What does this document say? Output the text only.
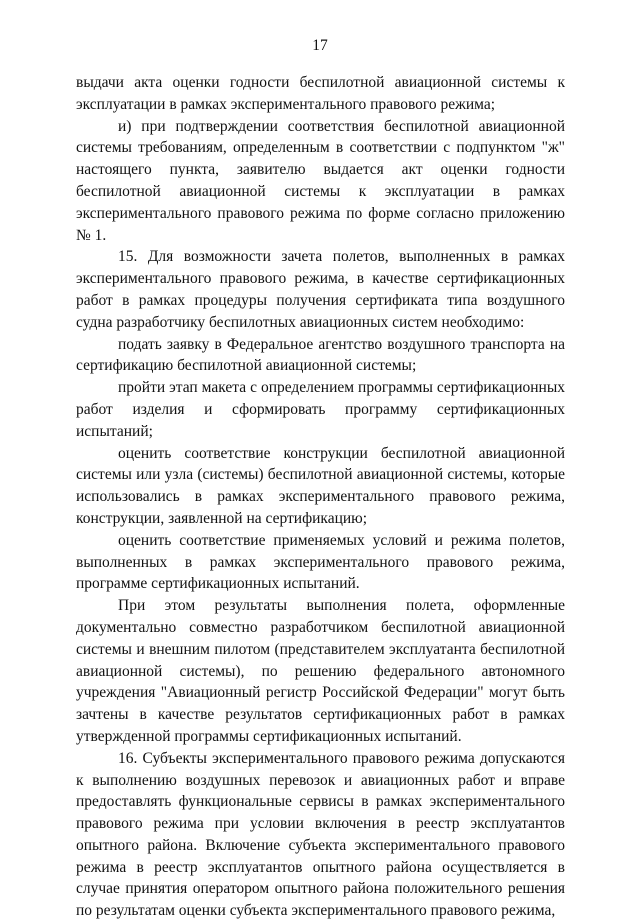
17

выдачи акта оценки годности беспилотной авиационной системы к эксплуатации в рамках экспериментального правового режима;

и) при подтверждении соответствия беспилотной авиационной системы требованиям, определенным в соответствии с подпунктом "ж" настоящего пункта, заявителю выдается акт оценки годности беспилотной авиационной системы к эксплуатации в рамках экспериментального правового режима по форме согласно приложению № 1.

15. Для возможности зачета полетов, выполненных в рамках экспериментального правового режима, в качестве сертификационных работ в рамках процедуры получения сертификата типа воздушного судна разработчику беспилотных авиационных систем необходимо:

подать заявку в Федеральное агентство воздушного транспорта на сертификацию беспилотной авиационной системы;

пройти этап макета с определением программы сертификационных работ изделия и сформировать программу сертификационных испытаний;

оценить соответствие конструкции беспилотной авиационной системы или узла (системы) беспилотной авиационной системы, которые использовались в рамках экспериментального правового режима, конструкции, заявленной на сертификацию;

оценить соответствие применяемых условий и режима полетов, выполненных в рамках экспериментального правового режима, программе сертификационных испытаний.

При этом результаты выполнения полета, оформленные документально совместно разработчиком беспилотной авиационной системы и внешним пилотом (представителем эксплуатанта беспилотной авиационной системы), по решению федерального автономного учреждения "Авиационный регистр Российской Федерации" могут быть зачтены в качестве результатов сертификационных работ в рамках утвержденной программы сертификационных испытаний.

16. Субъекты экспериментального правового режима допускаются к выполнению воздушных перевозок и авиационных работ и вправе предоставлять функциональные сервисы в рамках экспериментального правового режима при условии включения в реестр эксплуатантов опытного района. Включение субъекта экспериментального правового режима в реестр эксплуатантов опытного района осуществляется в случае принятия оператором опытного района положительного решения по результатам оценки субъекта экспериментального правового режима,
